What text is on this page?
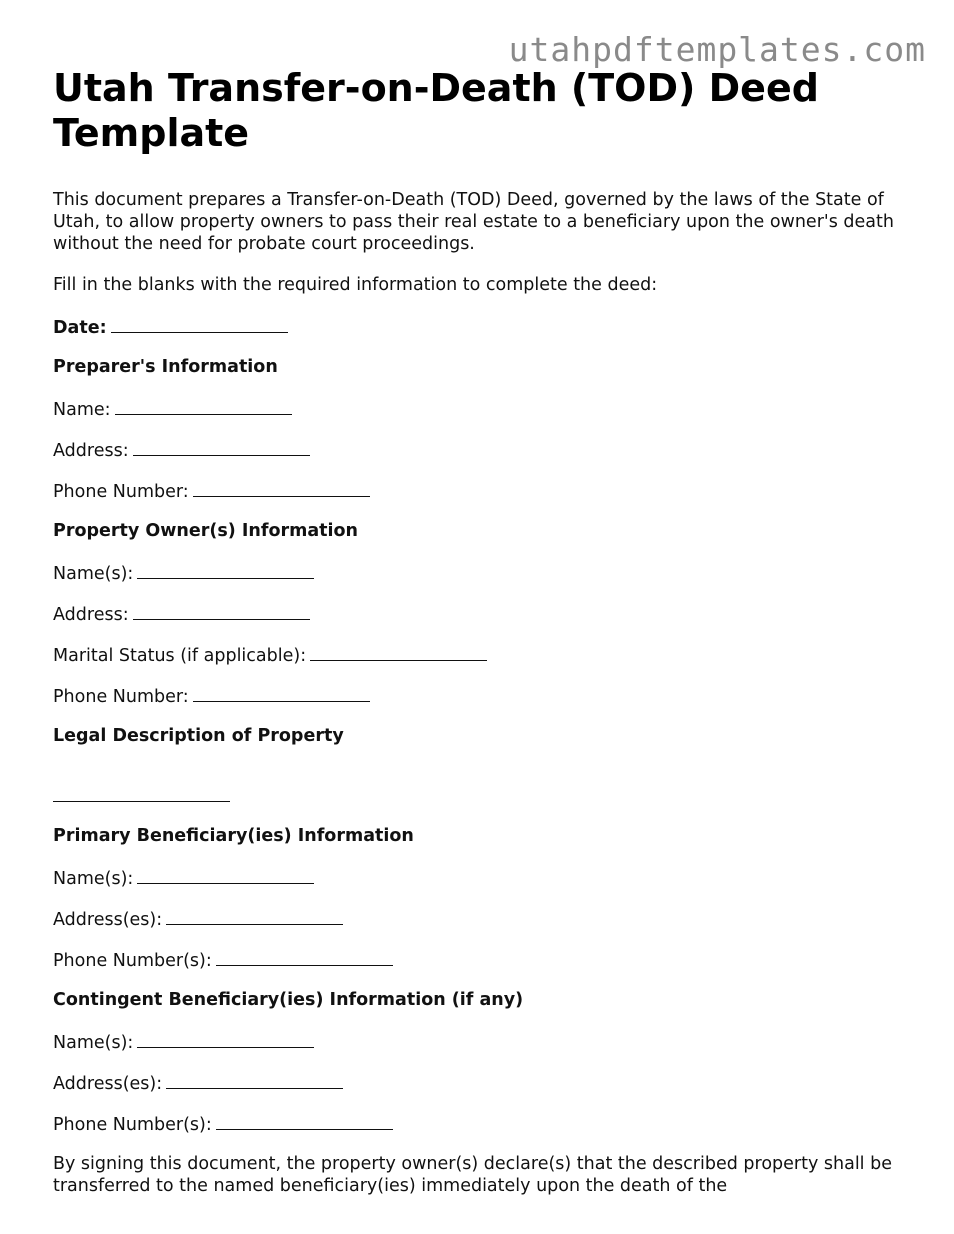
utahpdftemplates.com
Utah Transfer-on-Death (TOD) Deed Template

This document prepares a Transfer-on-Death (TOD) Deed, governed by the laws of the State of Utah, to allow property owners to pass their real estate to a beneficiary upon the owner's death without the need for probate court proceedings.

Fill in the blanks with the required information to complete the deed:

Date:

Preparer's Information

Name:

Address:

Phone Number:

Property Owner(s) Information

Name(s):

Address:

Marital Status (if applicable):

Phone Number:

Legal Description of Property

Primary Beneficiary(ies) Information

Name(s):

Address(es):

Phone Number(s):

Contingent Beneficiary(ies) Information (if any)

Name(s):

Address(es):

Phone Number(s):

By signing this document, the property owner(s) declare(s) that the described property shall be transferred to the named beneficiary(ies) immediately upon the death of the
